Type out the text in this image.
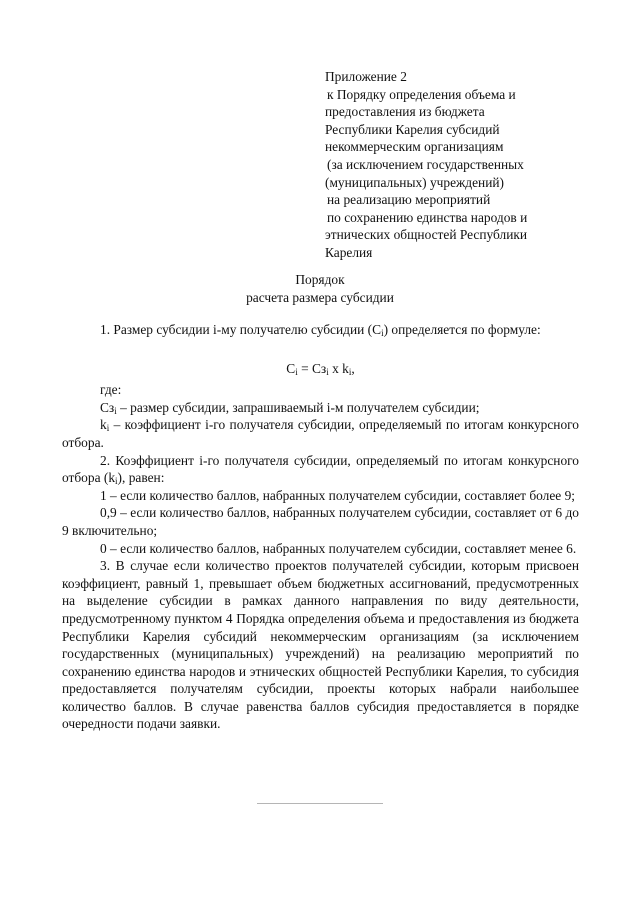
Приложение 2
к Порядку определения объема и
предоставления из бюджета
Республики Карелия субсидий
некоммерческим организациям
(за исключением государственных
(муниципальных) учреждений)
на реализацию мероприятий
по сохранению единства народов и
этнических общностей Республики
Карелия
Порядок
расчета размера субсидии

1. Размер субсидии i-му получателю субсидии $(С_i)$ определяется по формуле:

$С_i = Сз_i$ x $k_i$,

где:

$Сз_i$ – размер субсидии, запрашиваемый i-м получателем субсидии;

$k_i$ – коэффициент i-го получателя субсидии, определяемый по итогам конкурсного отбора.

2. Коэффициент i-го получателя субсидии, определяемый по итогам конкурсного отбора $(k_i)$, равен:

1 – если количество баллов, набранных получателем субсидии, составляет более 9;

0,9 – если количество баллов, набранных получателем субсидии, составляет от 6 до 9 включительно;

0 – если количество баллов, набранных получателем субсидии, составляет менее 6.

3. В случае если количество проектов получателей субсидии, которым присвоен коэффициент, равный 1, превышает объем бюджетных ассигнований, предусмотренных на выделение субсидии в рамках данного направления по виду деятельности, предусмотренному пунктом 4 Порядка определения объема и предоставления из бюджета Республики Карелия субсидий некоммерческим организациям (за исключением государственных (муниципальных) учреждений) на реализацию мероприятий по сохранению единства народов и этнических общностей Республики Карелия, то субсидия предоставляется получателям субсидии, проекты которых набрали наибольшее количество баллов. В случае равенства баллов субсидия предоставляется в порядке очередности подачи заявки.
